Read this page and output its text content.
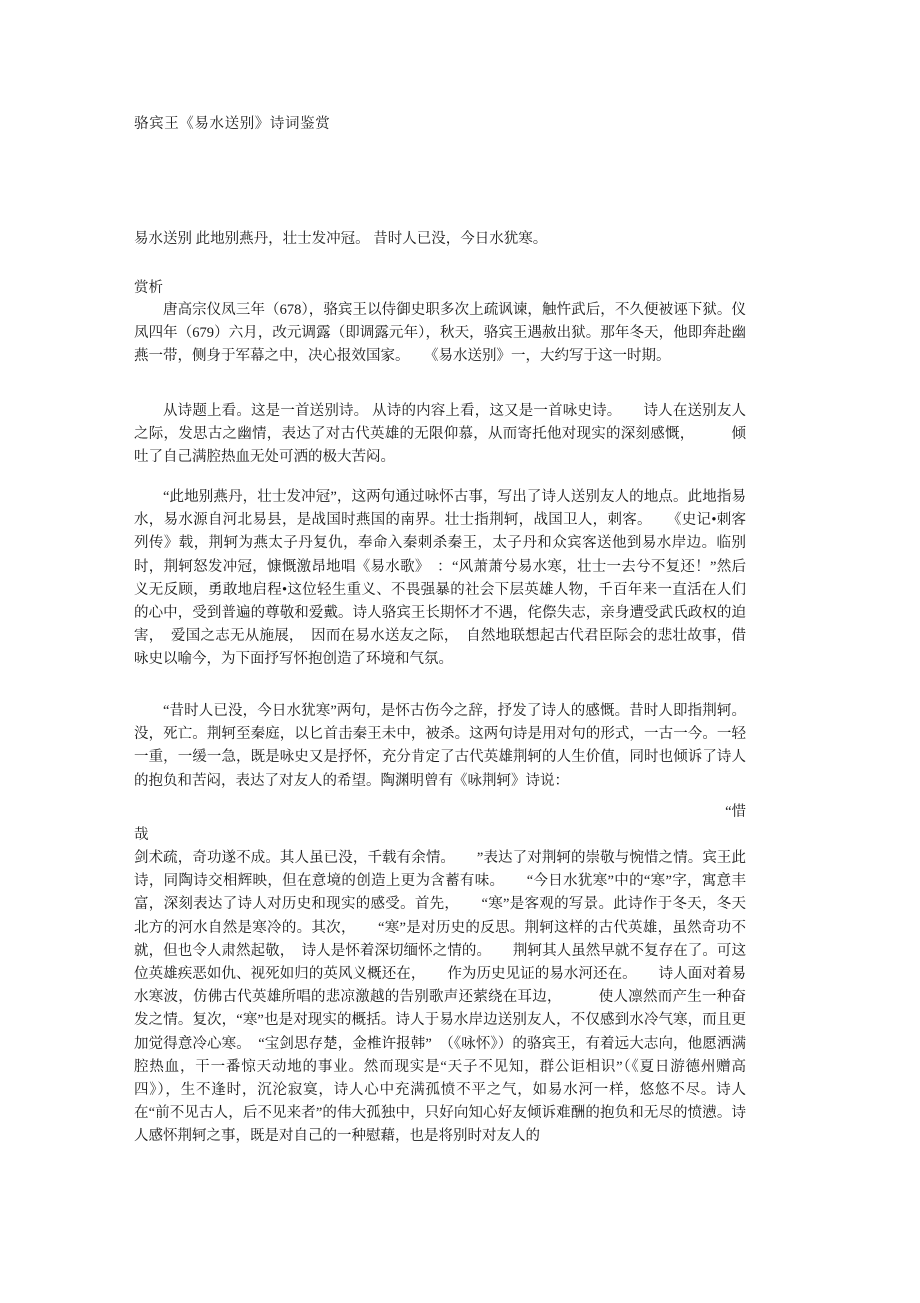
骆宾王《易水送别》诗词鉴赏
易水送别 此地别燕丹，壮士发冲冠。 昔时人已没，今日水犹寒。
赏析
唐高宗仪凤三年（678），骆宾王以侍御史职多次上疏讽谏，触忤武后，不久便被诬下狱。仪凤四年（679）六月，改元调露（即调露元年），秋天，骆宾王遇赦出狱。那年冬天，他即奔赴幽燕一带，侧身于军幕之中，决心报效国家。　　《易水送别》一，大约写于这一时期。
从诗题上看。这是一首送别诗。 从诗的内容上看，这又是一首咏史诗。　　诗人在送别友人之际，发思古之幽情，表达了对古代英雄的无限仰慕，从而寄托他对现实的深刻感慨，　　　倾吐了自己满腔热血无处可洒的极大苦闷。
“此地别燕丹，壮士发冲冠”，这两句通过咏怀古事，写出了诗人送别友人的地点。此地指易水，易水源自河北易县，是战国时燕国的南界。壮士指荆轲，战国卫人，刺客。　　《史记•刺客列传》载，荆轲为燕太子丹复仇，奉命入秦刺杀秦王，太子丹和众宾客送他到易水岸边。临别时，荆轲怒发冲冠，慷慨激昂地唱《易水歌》　：“风萧萧兮易水寒，壮士一去兮不复还！”然后义无反顾，勇敢地启程•这位轻生重义、不畏强暴的社会下层英雄人物，千百年来一直活在人们的心中，受到普遍的尊敬和爱戴。诗人骆宾王长期怀才不遇，侘傺失志，亲身遭受武氏政权的迫害，　爱国之志无从施展，　因而在易水送友之际，　自然地联想起古代君臣际会的悲壮故事，借咏史以喻今，为下面抒写怀抱创造了环境和气氛。
“昔时人已没，今日水犹寒”两句，是怀古伤今之辞，抒发了诗人的感慨。昔时人即指荆轲。没，死亡。荆轲至秦庭，以匕首击秦王未中，被杀。这两句诗是用对句的形式，一古一今。一轻一重，一缓一急，既是咏史又是抒怀，充分肯定了古代英雄荆轲的人生价值，同时也倾诉了诗人的抱负和苦闷，表达了对友人的希望。陶渊明曾有《咏荆轲》诗说：
“惜
哉
剑术疏，奇功遂不成。其人虽已没，千载有余情。　　”表达了对荆轲的崇敬与惋惜之情。宾王此诗，同陶诗交相辉映，但在意境的创造上更为含蓄有味。　　“今日水犹寒”中的“寒”字，寓意丰富，深刻表达了诗人对历史和现实的感受。首先，　　“寒”是客观的写景。此诗作于冬天，冬天北方的河水自然是寒冷的。其次，　　“寒”是对历史的反思。荆轲这样的古代英雄，虽然奇功不就，但也令人肃然起敬，　诗人是怀着深切缅怀之情的。　　荆轲其人虽然早就不复存在了。可这位英雄疾恶如仇、视死如归的英风义概还在，　　作为历史见证的易水河还在。　　诗人面对着易水寒波，仿佛古代英雄所唱的悲凉激越的告别歌声还萦绕在耳边，　　　使人凛然而产生一种奋发之情。复次，“寒”也是对现实的概括。诗人于易水岸边送别友人，不仅感到水冷气寒，而且更加觉得意冷心寒。　“宝剑思存楚，金椎许报韩”　（《咏怀》）的骆宾王，有着远大志向，他愿洒满腔热血，干一番惊天动地的事业。然而现实是“天子不见知，群公讵相识”（《夏日游德州赠高四》），生不逢时，沉沦寂寞，诗人心中充满孤愤不平之气，如易水河一样，悠悠不尽。诗人在“前不见古人，后不见来者”的伟大孤独中，只好向知心好友倾诉难酬的抱负和无尽的愤懑。诗人感怀荆轲之事，既是对自己的一种慰藉，也是将别时对友人的
